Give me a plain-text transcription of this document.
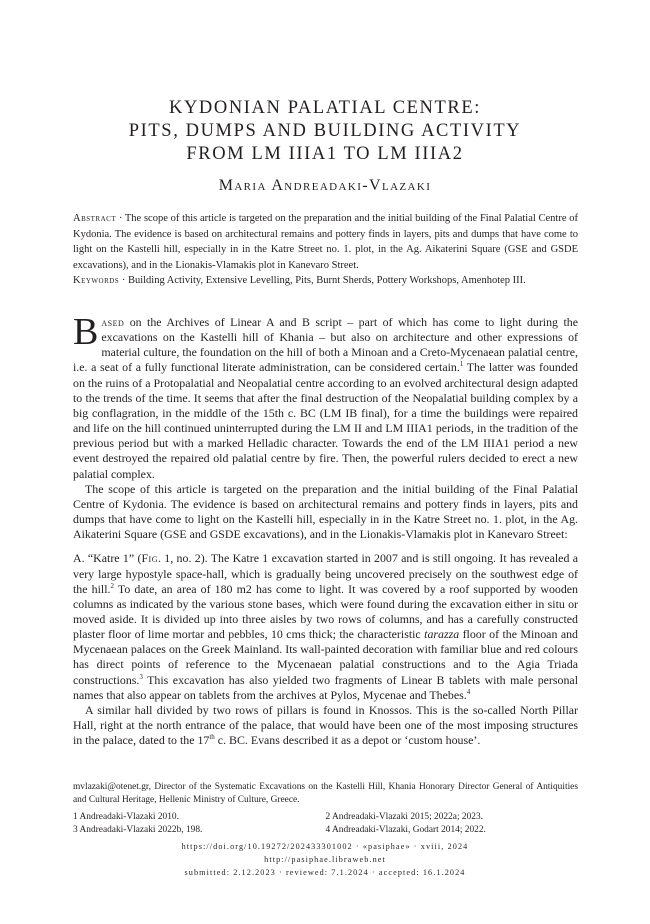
KYDONIAN PALATIAL CENTRE:
PITS, DUMPS AND BUILDING ACTIVITY
FROM LM IIIA1 TO LM IIIA2
Maria Andreadaki-Vlazaki

Abstract · The scope of this article is targeted on the preparation and the initial building of the Final Palatial Centre of Kydonia. The evidence is based on architectural remains and pottery finds in layers, pits and dumps that have come to light on the Kastelli hill, especially in in the Katre Street no. 1. plot, in the Ag. Aikaterini Square (GSE and GSDE excavations), and in the Lionakis-Vlamakis plot in Kanevaro Street.

Keywords · Building Activity, Extensive Levelling, Pits, Burnt Sherds, Pottery Workshops, Amenhotep III.

Based on the Archives of Linear A and B script – part of which has come to light during the excavations on the Kastelli hill of Khania – but also on architecture and other expressions of material culture, the foundation on the hill of both a Minoan and a Creto-Mycenaean palatial centre, i.e. a seat of a fully functional literate administration, can be considered certain.$^1$ The latter was founded on the ruins of a Protopalatial and Neopalatial centre according to an evolved architectural design adapted to the trends of the time. It seems that after the final destruction of the Neopalatial building complex by a big conflagration, in the middle of the 15th c. BC (LM IB final), for a time the buildings were repaired and life on the hill continued uninterrupted during the LM II and LM IIIA1 periods, in the tradition of the previous period but with a marked Helladic character. Towards the end of the LM IIIA1 period a new event destroyed the repaired old palatial centre by fire. Then, the powerful rulers decided to erect a new palatial complex.

The scope of this article is targeted on the preparation and the initial building of the Final Palatial Centre of Kydonia. The evidence is based on architectural remains and pottery finds in layers, pits and dumps that have come to light on the Kastelli hill, especially in in the Katre Street no. 1. plot, in the Ag. Aikaterini Square (GSE and GSDE excavations), and in the Lionakis-Vlamakis plot in Kanevaro Street:

A. “Katre 1” (Fig. 1, no. 2). The Katre 1 excavation started in 2007 and is still ongoing. It has revealed a very large hypostyle space-hall, which is gradually being uncovered precisely on the southwest edge of the hill.$^2$ To date, an area of 180 m2 has come to light. It was covered by a roof supported by wooden columns as indicated by the various stone bases, which were found during the excavation either in situ or moved aside. It is divided up into three aisles by two rows of columns, and has a carefully constructed plaster floor of lime mortar and pebbles, 10 cms thick; the characteristic tarazza floor of the Minoan and Mycenaean palaces on the Greek Mainland. Its wall-painted decoration with familiar blue and red colours has direct points of reference to the Mycenaean palatial constructions and to the Agia Triada constructions.$^3$ This excavation has also yielded two fragments of Linear B tablets with male personal names that also appear on tablets from the archives at Pylos, Mycenae and Thebes.$^4$

A similar hall divided by two rows of pillars is found in Knossos. This is the so-called North Pillar Hall, right at the north entrance of the palace, that would have been one of the most imposing structures in the palace, dated to the 17th c. BC. Evans described it as a depot or ‘custom house’.

mvlazaki@otenet.gr, Director of the Systematic Excavations on the Kastelli Hill, Khania Honorary Director General of Antiquities and Cultural Heritage, Hellenic Ministry of Culture, Greece.

1 Andreadaki-Vlazaki 2010.	2 Andreadaki-Vlazaki 2015; 2022a; 2023.
3 Andreadaki-Vlazaki 2022b, 198.	4 Andreadaki-Vlazaki, Godart 2014; 2022.
https://doi.org/10.19272/202433301002 · «pasiphae» · xviii, 2024
http://pasiphae.libraweb.net
submitted: 2.12.2023 · reviewed: 7.1.2024 · accepted: 16.1.2024
